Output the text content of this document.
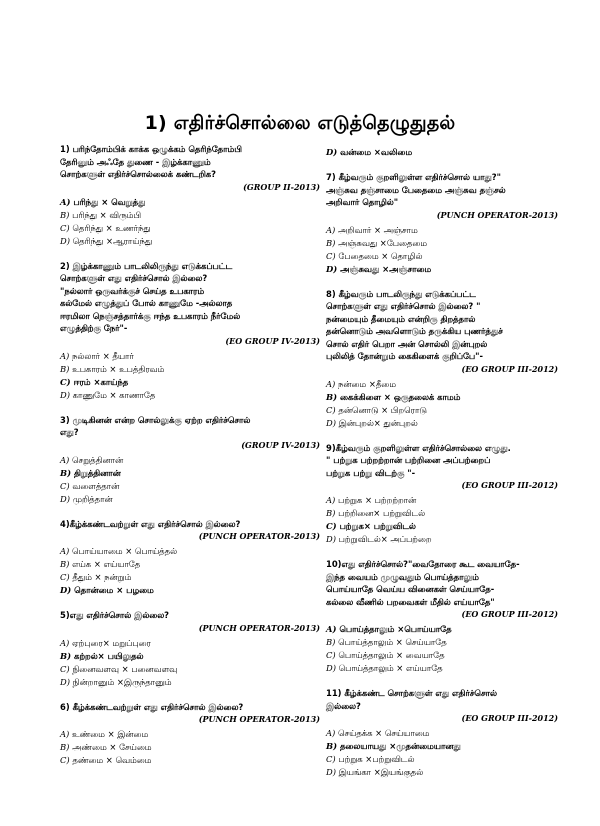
1) எதிர்ச்சொல்லை எடுத்தெழுதுதல்
1) பரிந்தோம்பிக் காக்க ஒழுக்கம் தெரிந்தோம்பி
தேரினும் அஃதே துணை - இழ்க்காணும்
சொற்களுள் எதிர்ச்சொல்லைக் கண்டறிக?
(GROUP II-2013)
A) பரிந்து × வெறுத்து
B) பரிந்து × விரும்பி
C) தெரிந்து × உணர்ந்து
D) தெரிந்து ×ஆராய்ந்து
2) இழ்க்காணும் பாடலிலிருந்து எடுக்கப்பட்ட
சொற்களுள் எது எதிர்ச்சொல் இல்லை?
"நல்லார் ஒருவர்க்குச் செய்த உபகாரம்
கல்மேல் எழுத்துப் போல் காணுமே -அல்லாத
ஈரமிலா நெஞ்சத்தார்க்கு ஈந்த உபகாரம் நீர்மேல்
எழுத்திற்கு நேர்"-
(EO GROUP IV-2013)
A) நல்லார் × தீயார்
B) உபகாரம் × உபத்திரவம்
C) ஈரம் ×காய்ந்த
D) காணுமே × காணாதே
3) முடிகினன் என்ற சொல்லுக்கு ஏற்ற எதிர்ச்சொல்
எது?
(GROUP IV-2013)
A) செறுத்தினான்
B) திறுத்தினான்
C) வளைத்தான்
D) முறித்தான்
4)கீழ்க்கண்டவற்றுள் எது எதிர்ச்சொல் இல்லை?
(PUNCH OPERATOR-2013)
A) பொய்யாமை × பொய்த்தல்
B) எய்க × எய்யாதே
C) தீதும் × நன்றும்
D) தொன்மை × பழமை
5)எது எதிர்ச்சொல் இல்லை?
(PUNCH OPERATOR-2013)
A) ஏற்புரை× மறுப்புரை
B) கற்றல்× பயிலுதல்
C) நினைவளவு × பனைவளவு
D) நின்றானும் ×இருந்தானும்
6) கீழ்க்கண்டவற்றுள் எது எதிர்ச்சொல் இல்லை?
(PUNCH OPERATOR-2013)
A) உண்மை × இன்மை
B) அண்மை × சேய்மை
C) தண்மை × வெம்மை
D) வன்மை ×வலிமை
7) கீழ்வரும் குறளிலுள்ள எதிர்ச்சொல் யாது?"
அஞ்சுவ தஞ்சாமை பேதைமை அஞ்சுவ தஞ்சல்
அறிவார் தொழில்"
(PUNCH OPERATOR-2013)
A) அறிவார் × அஞ்சாம
B) அஞ்சுவது ×பேதைமை
C) பேதைமை × தொழில்
D) அஞ்சுவது ×அஞ்சாமை
8) கீழ்வரும் பாடலிருந்து எடுக்கப்பட்ட
சொற்களுள் எது எதிர்ச்சொல் இல்லை? "
நன்மையும் தீமையும் என்றிரு திறத்தால்
தன்னொடும் அவளொடும் தருக்கிய புணர்த்துச்
சொல் எதிர் பெறா அன் சொல்லி இன்புறல்
புலிலித் தோன்றும் கைகிளைக் குறிப்பே"-
(EO GROUP III-2012)
A) நன்மை ×தீமை
B) கைக்கிளை × ஒருதலைக் காமம்
C) தன்னொடு × பிறரொடு
D) இன்புறல்× துன்புறல்
9)கீழ்வரும் குறளிலுள்ள எதிர்ச்சொல்லை எழுது.
" பற்றுக பற்றற்றான் பற்றினை அப்பற்றைப்
பற்றுக பற்று விடற்கு "-
(EO GROUP III-2012)
A) பற்றுக × பற்றற்றான்
B) பற்றினை× பற்றுவிடல்
C) பற்றுக× பற்றுவிடல்
D) பற்றுவிடல்× அப்பற்றை
10)எது எதிர்ச்சொல்?"வைதோரை கூட வையாதே-
இந்த வையம் முழுவதும் பொய்த்தாலும்
பொய்யாதே வெய்ய வினைகள் செய்யாதே-
கல்லை வீணில் பறவைகள் மீதில் எய்யாதே"
(EO GROUP III-2012)
A) பொய்த்தாலும் ×பொய்யாதே
B) பொய்த்தாலும் × செய்யாதே
C) பொய்த்தாலும் × வையாதே
D) பொய்த்தாலும் × எய்யாதே
11) கீழ்க்கண்ட சொற்களுள் எது எதிர்ச்சொல்
இல்லை?
(EO GROUP III-2012)
A) செய்தக்க × செய்யாமை
B) தலையாயது ×முதன்மையானது
C) பற்றுக ×பற்றுவிடல்
D) இயங்கா ×இயங்குதல்
